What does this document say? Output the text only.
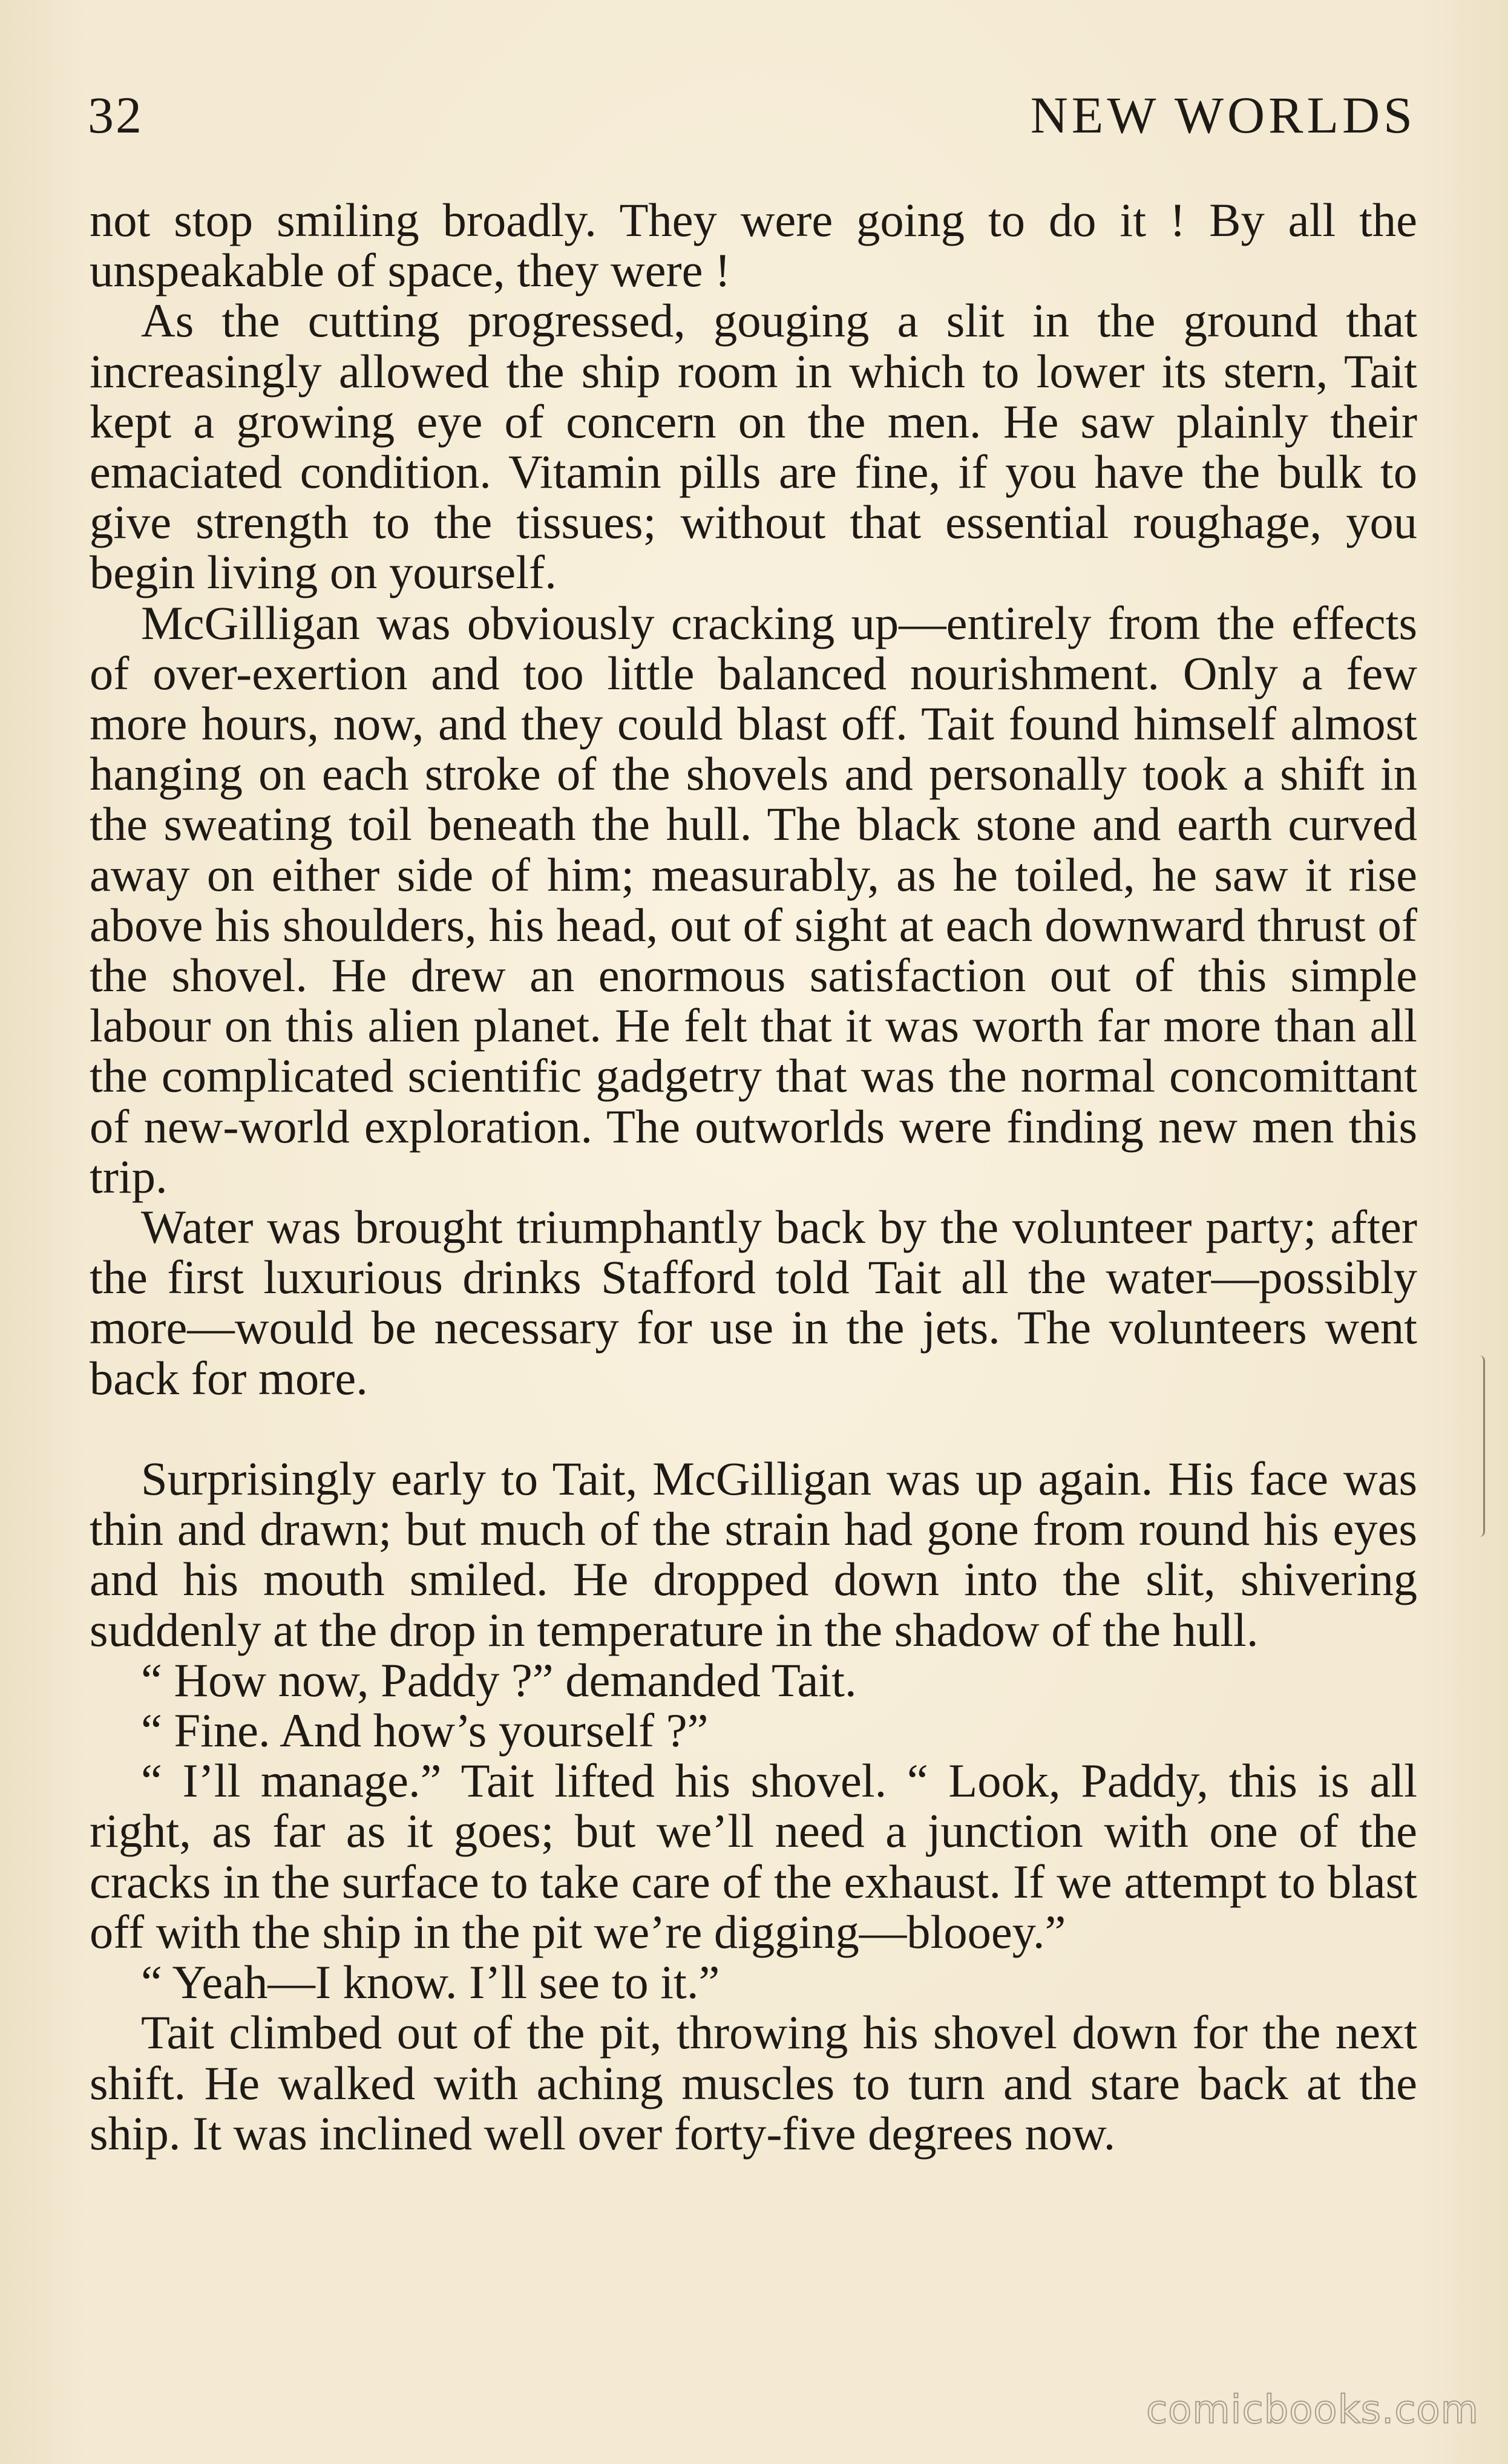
32	NEW WORLDS

not stop smiling broadly. They were going to do it ! By all the unspeakable of space, they were !

As the cutting progressed, gouging a slit in the ground that increasingly allowed the ship room in which to lower its stern, Tait kept a growing eye of concern on the men. He saw plainly their emaciated condition. Vitamin pills are fine, if you have the bulk to give strength to the tissues; without that essential roughage, you begin living on yourself.

McGilligan was obviously cracking up—entirely from the effects of over-exertion and too little balanced nourishment. Only a few more hours, now, and they could blast off. Tait found himself almost hanging on each stroke of the shovels and personally took a shift in the sweating toil beneath the hull. The black stone and earth curved away on either side of him; measurably, as he toiled, he saw it rise above his shoulders, his head, out of sight at each downward thrust of the shovel. He drew an enormous satisfaction out of this simple labour on this alien planet. He felt that it was worth far more than all the complicated scientific gadgetry that was the normal concomittant of new-world exploration. The outworlds were finding new men this trip.

Water was brought triumphantly back by the volunteer party; after the first luxurious drinks Stafford told Tait all the water—possibly more—would be necessary for use in the jets. The volunteers went back for more.

Surprisingly early to Tait, McGilligan was up again. His face was thin and drawn; but much of the strain had gone from round his eyes and his mouth smiled. He dropped down into the slit, shivering suddenly at the drop in temperature in the shadow of the hull.

“ How now, Paddy ?” demanded Tait.

“ Fine. And how’s yourself ?”

“ I’ll manage.” Tait lifted his shovel. “ Look, Paddy, this is all right, as far as it goes; but we’ll need a junction with one of the cracks in the surface to take care of the exhaust. If we attempt to blast off with the ship in the pit we’re digging—blooey.”

“ Yeah—I know. I’ll see to it.”

Tait climbed out of the pit, throwing his shovel down for the next shift. He walked with aching muscles to turn and stare back at the ship. It was inclined well over forty-five degrees now.

comicbooks.com
